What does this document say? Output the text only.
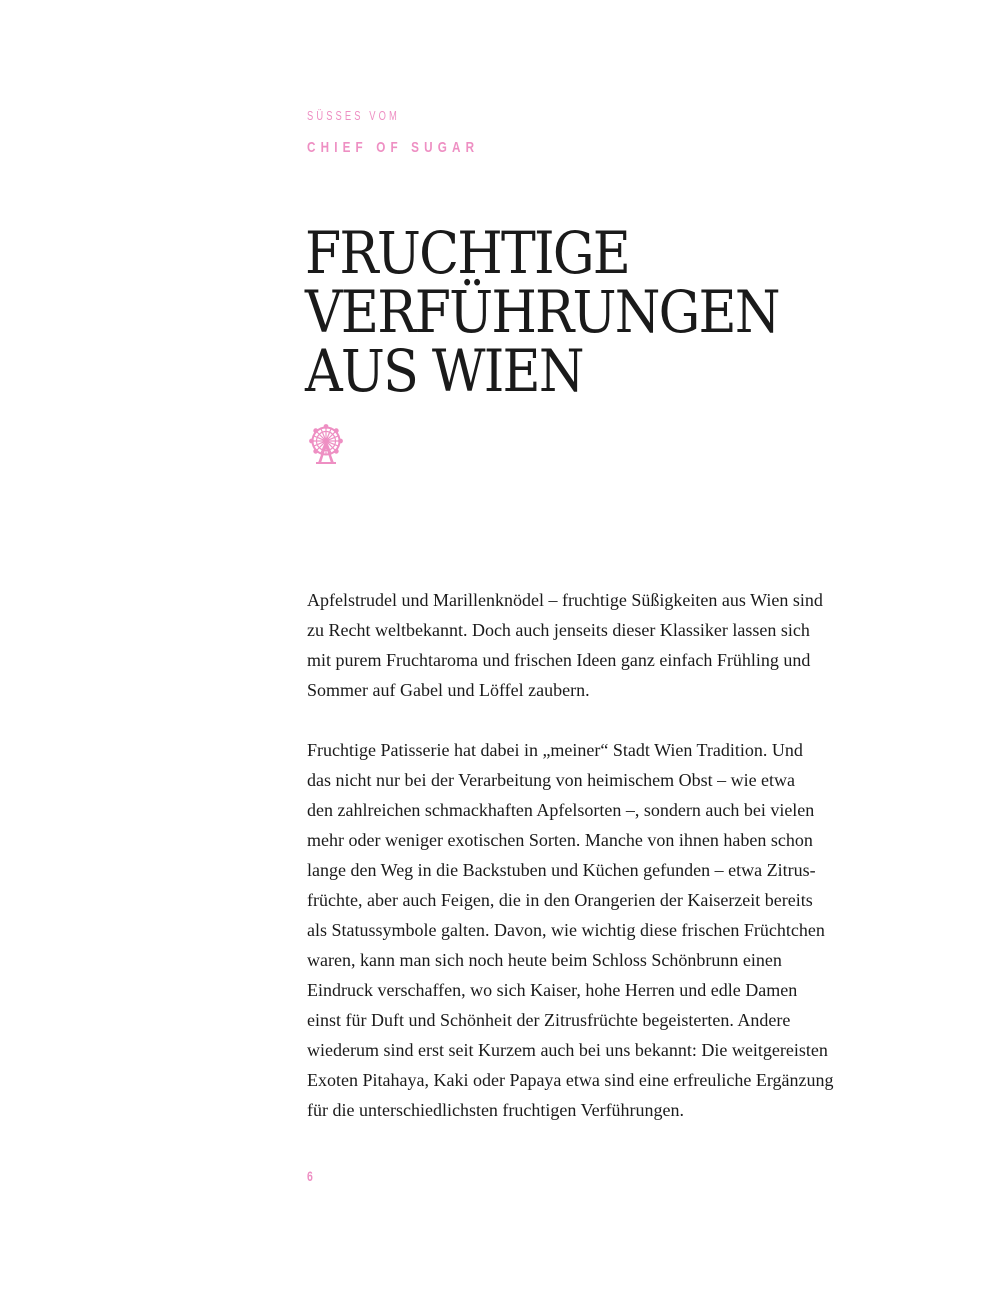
SÜSSES VOM
CHIEF OF SUGAR
FRUCHTIGE
VERFÜHRUNGEN
AUS WIEN

Apfelstrudel und Marillenknödel – fruchtige Süßigkeiten aus Wien sind
zu Recht weltbekannt. Doch auch jenseits dieser Klassiker lassen sich
mit purem Fruchtaroma und frischen Ideen ganz einfach Frühling und
Sommer auf Gabel und Löffel zaubern.

Fruchtige Patisserie hat dabei in „meiner“ Stadt Wien Tradition. Und
das nicht nur bei der Verarbeitung von heimischem Obst – wie etwa
den zahlreichen schmackhaften Apfelsorten –, sondern auch bei vielen
mehr oder weniger exotischen Sorten. Manche von ihnen haben schon
lange den Weg in die Backstuben und Küchen gefunden – etwa Zitrus-
früchte, aber auch Feigen, die in den Orangerien der Kaiserzeit bereits
als Statussymbole galten. Davon, wie wichtig diese frischen Früchtchen
waren, kann man sich noch heute beim Schloss Schönbrunn einen
Eindruck verschaffen, wo sich Kaiser, hohe Herren und edle Damen
einst für Duft und Schönheit der Zitrusfrüchte begeisterten. Andere
wiederum sind erst seit Kurzem auch bei uns bekannt: Die weitgereisten
Exoten Pitahaya, Kaki oder Papaya etwa sind eine erfreuliche Ergänzung
für die unterschiedlichsten fruchtigen Verführungen.

6
